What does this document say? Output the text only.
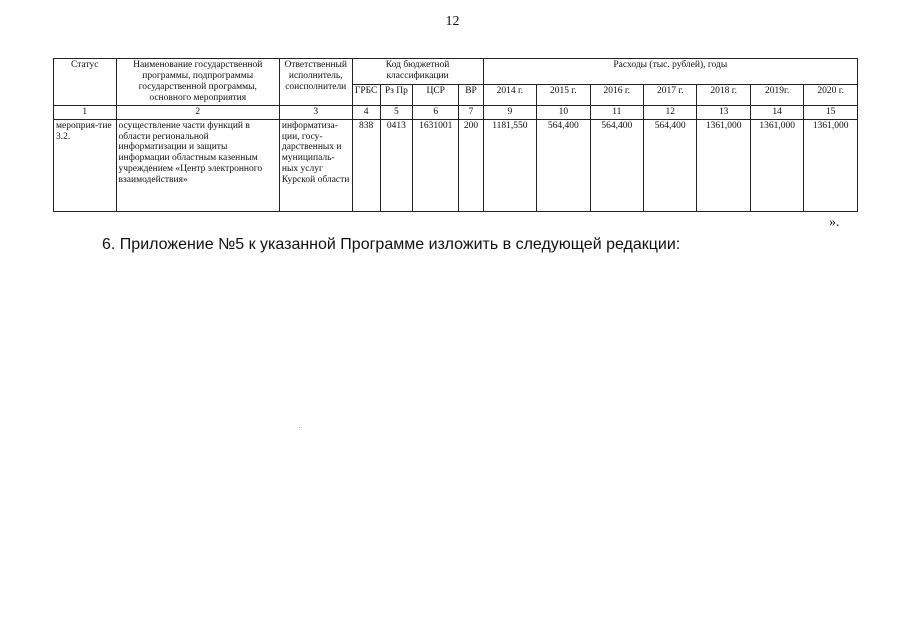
12
Статус	Наименование государственной программы, подпрограммы государственной программы, основного мероприятия	Ответственный исполнитель, соисполнители	Код бюджетной классификации				Расходы (тыс. рублей), годы						
			ГРБС	Рз Пр	ЦСР	ВР	2014 г.	2015 г.	2016 г.	2017 г.	2018 г.	2019г.	2020 г.
1	2	3	4	5	6	7	9	10	11	12	13	14	15
мероприя-тие 3.2.	осуществление части функций в области региональной информатизации и защиты информации областным казенным учреждением «Центр электронного взаимодействия»	информатиза-ции, госу-дарственных и муниципаль-ных услуг Курской области	838	0413	1631001	200	1181,550	564,400	564,400	564,400	1361,000	1361,000	1361,000
».
6. Приложение №5 к указанной Программе изложить в следующей редакции:
